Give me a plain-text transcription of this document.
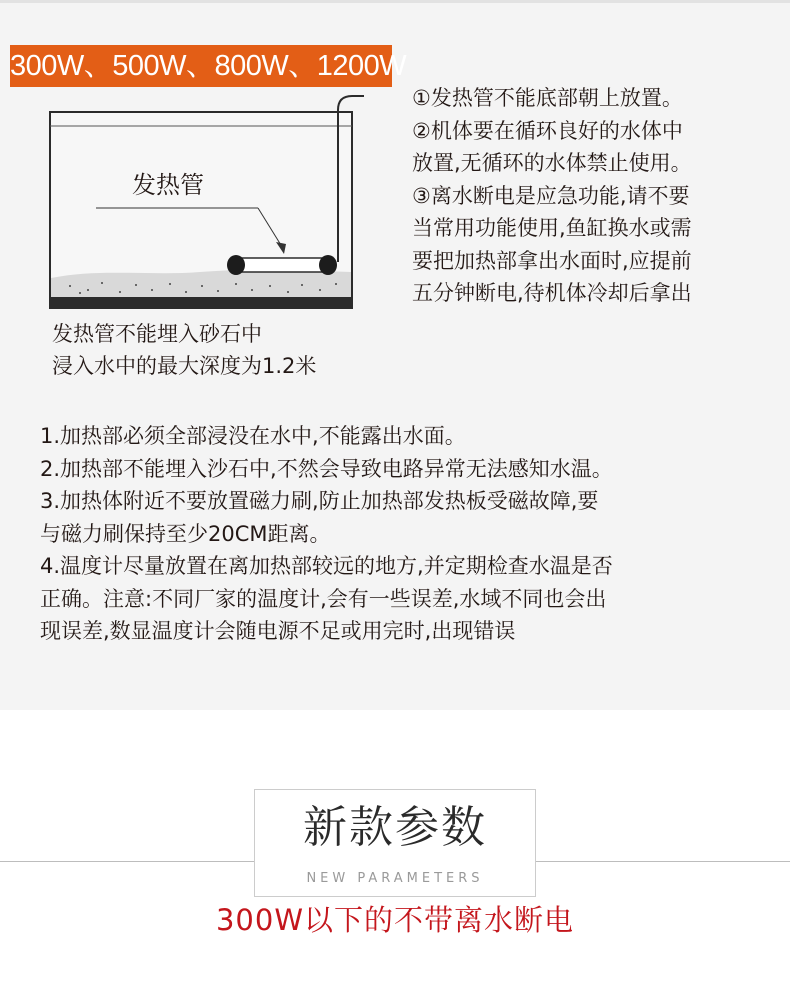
300W、500W、800W、1200W
发热管
①发热管不能底部朝上放置。
②机体要在循环良好的水体中
放置,无循环的水体禁止使用。
③离水断电是应急功能,请不要
当常用功能使用,鱼缸换水或需
要把加热部拿出水面时,应提前
五分钟断电,待机体冷却后拿出
发热管不能埋入砂石中
浸入水中的最大深度为1.2米
1.加热部必须全部浸没在水中,不能露出水面。
2.加热部不能埋入沙石中,不然会导致电路异常无法感知水温。
3.加热体附近不要放置磁力刷,防止加热部发热板受磁故障,要
与磁力刷保持至少20CM距离。
4.温度计尽量放置在离加热部较远的地方,并定期检查水温是否
正确。注意:不同厂家的温度计,会有一些误差,水域不同也会出
现误差,数显温度计会随电源不足或用完时,出现错误
新款参数
NEW PARAMETERS
300W以下的不带离水断电
